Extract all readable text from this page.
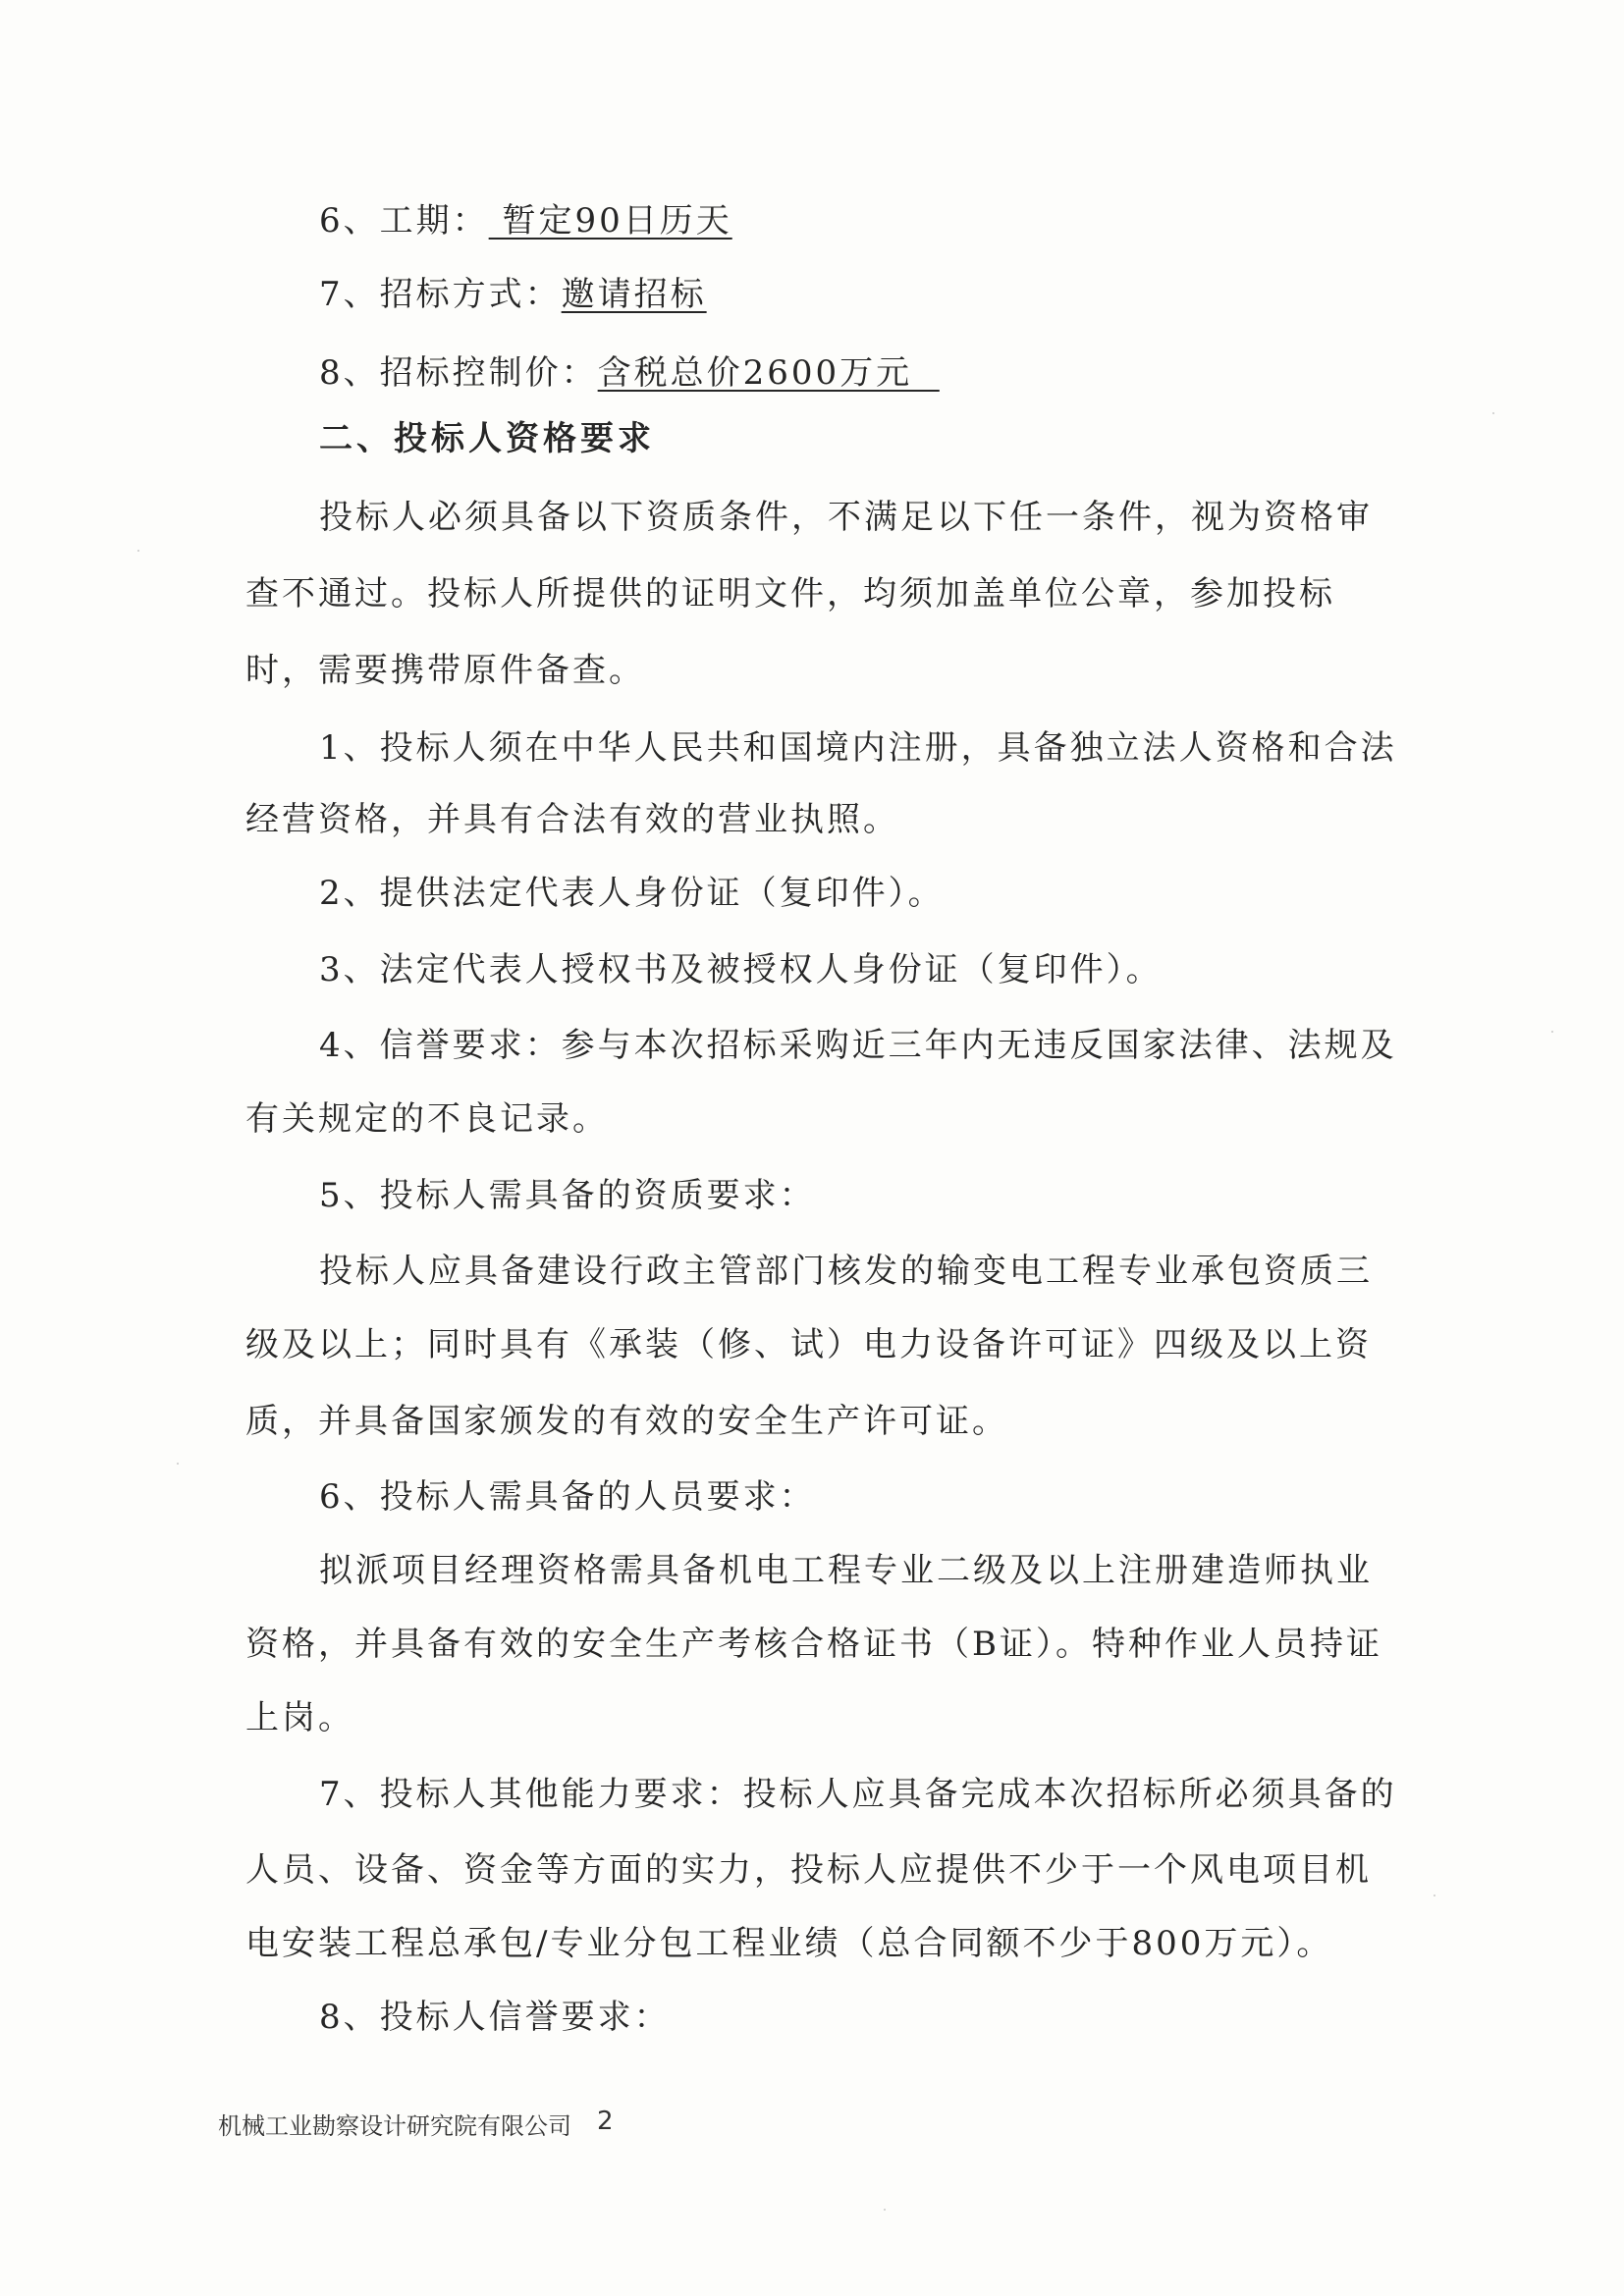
6、工期： 暂定90日历天
7、招标方式：邀请招标
8、招标控制价：含税总价2600万元
二、投标人资格要求
投标人必须具备以下资质条件，不满足以下任一条件，视为资格审
查不通过。投标人所提供的证明文件，均须加盖单位公章，参加投标
时，需要携带原件备查。
1、投标人须在中华人民共和国境内注册，具备独立法人资格和合法
经营资格，并具有合法有效的营业执照。
2、提供法定代表人身份证（复印件）。
3、法定代表人授权书及被授权人身份证（复印件）。
4、信誉要求：参与本次招标采购近三年内无违反国家法律、法规及
有关规定的不良记录。
5、投标人需具备的资质要求：
投标人应具备建设行政主管部门核发的输变电工程专业承包资质三
级及以上；同时具有《承装（修、试）电力设备许可证》四级及以上资
质，并具备国家颁发的有效的安全生产许可证。
6、投标人需具备的人员要求：
拟派项目经理资格需具备机电工程专业二级及以上注册建造师执业
资格，并具备有效的安全生产考核合格证书（B证）。特种作业人员持证
上岗。
7、投标人其他能力要求：投标人应具备完成本次招标所必须具备的
人员、设备、资金等方面的实力，投标人应提供不少于一个风电项目机
电安装工程总承包/专业分包工程业绩（总合同额不少于800万元）。
8、投标人信誉要求：
机械工业勘察设计研究院有限公司 2
